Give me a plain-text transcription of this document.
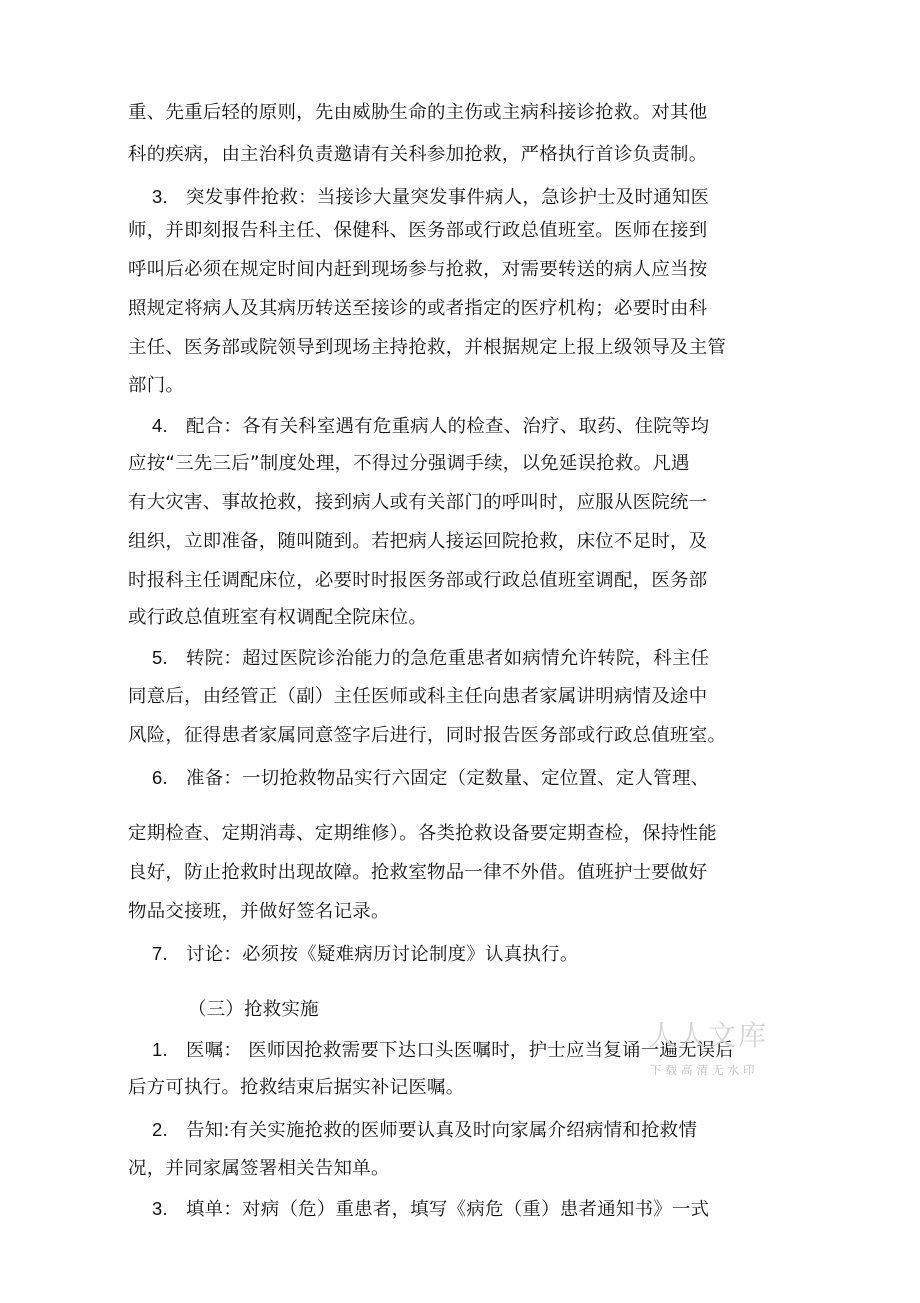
重、先重后轻的原则，先由威胁生命的主伤或主病科接诊抢救。对其他
科的疾病，由主治科负责邀请有关科参加抢救，严格执行首诊负责制。
3. 突发事件抢救：当接诊大量突发事件病人，急诊护士及时通知医
师，并即刻报告科主任、保健科、医务部或行政总值班室。医师在接到
呼叫后必须在规定时间内赶到现场参与抢救，对需要转送的病人应当按
照规定将病人及其病历转送至接诊的或者指定的医疗机构；必要时由科
主任、医务部或院领导到现场主持抢救，并根据规定上报上级领导及主管
部门。
4. 配合：各有关科室遇有危重病人的检查、治疗、取药、住院等均
应按“三先三后”制度处理，不得过分强调手续，以免延误抢救。凡遇
有大灾害、事故抢救，接到病人或有关部门的呼叫时，应服从医院统一
组织，立即准备，随叫随到。若把病人接运回院抢救，床位不足时，及
时报科主任调配床位，必要时时报医务部或行政总值班室调配，医务部
或行政总值班室有权调配全院床位。
5. 转院：超过医院诊治能力的急危重患者如病情允许转院，科主任
同意后，由经管正（副）主任医师或科主任向患者家属讲明病情及途中
风险，征得患者家属同意签字后进行，同时报告医务部或行政总值班室。
6. 准备：一切抢救物品实行六固定（定数量、定位置、定人管理、
定期检查、定期消毒、定期维修）。各类抢救设备要定期查检，保持性能
良好，防止抢救时出现故障。抢救室物品一律不外借。值班护士要做好
物品交接班，并做好签名记录。
7. 讨论：必须按《疑难病历讨论制度》认真执行。
（三）抢救实施
1. 医嘱： 医师因抢救需要下达口头医嘱时，护士应当复诵一遍无误后
后方可执行。抢救结束后据实补记医嘱。
2. 告知:有关实施抢救的医师要认真及时向家属介绍病情和抢救情
况，并同家属签署相关告知单。
3. 填单：对病（危）重患者，填写《病危（重）患者通知书》一式
人人文库
下载高清无水印
